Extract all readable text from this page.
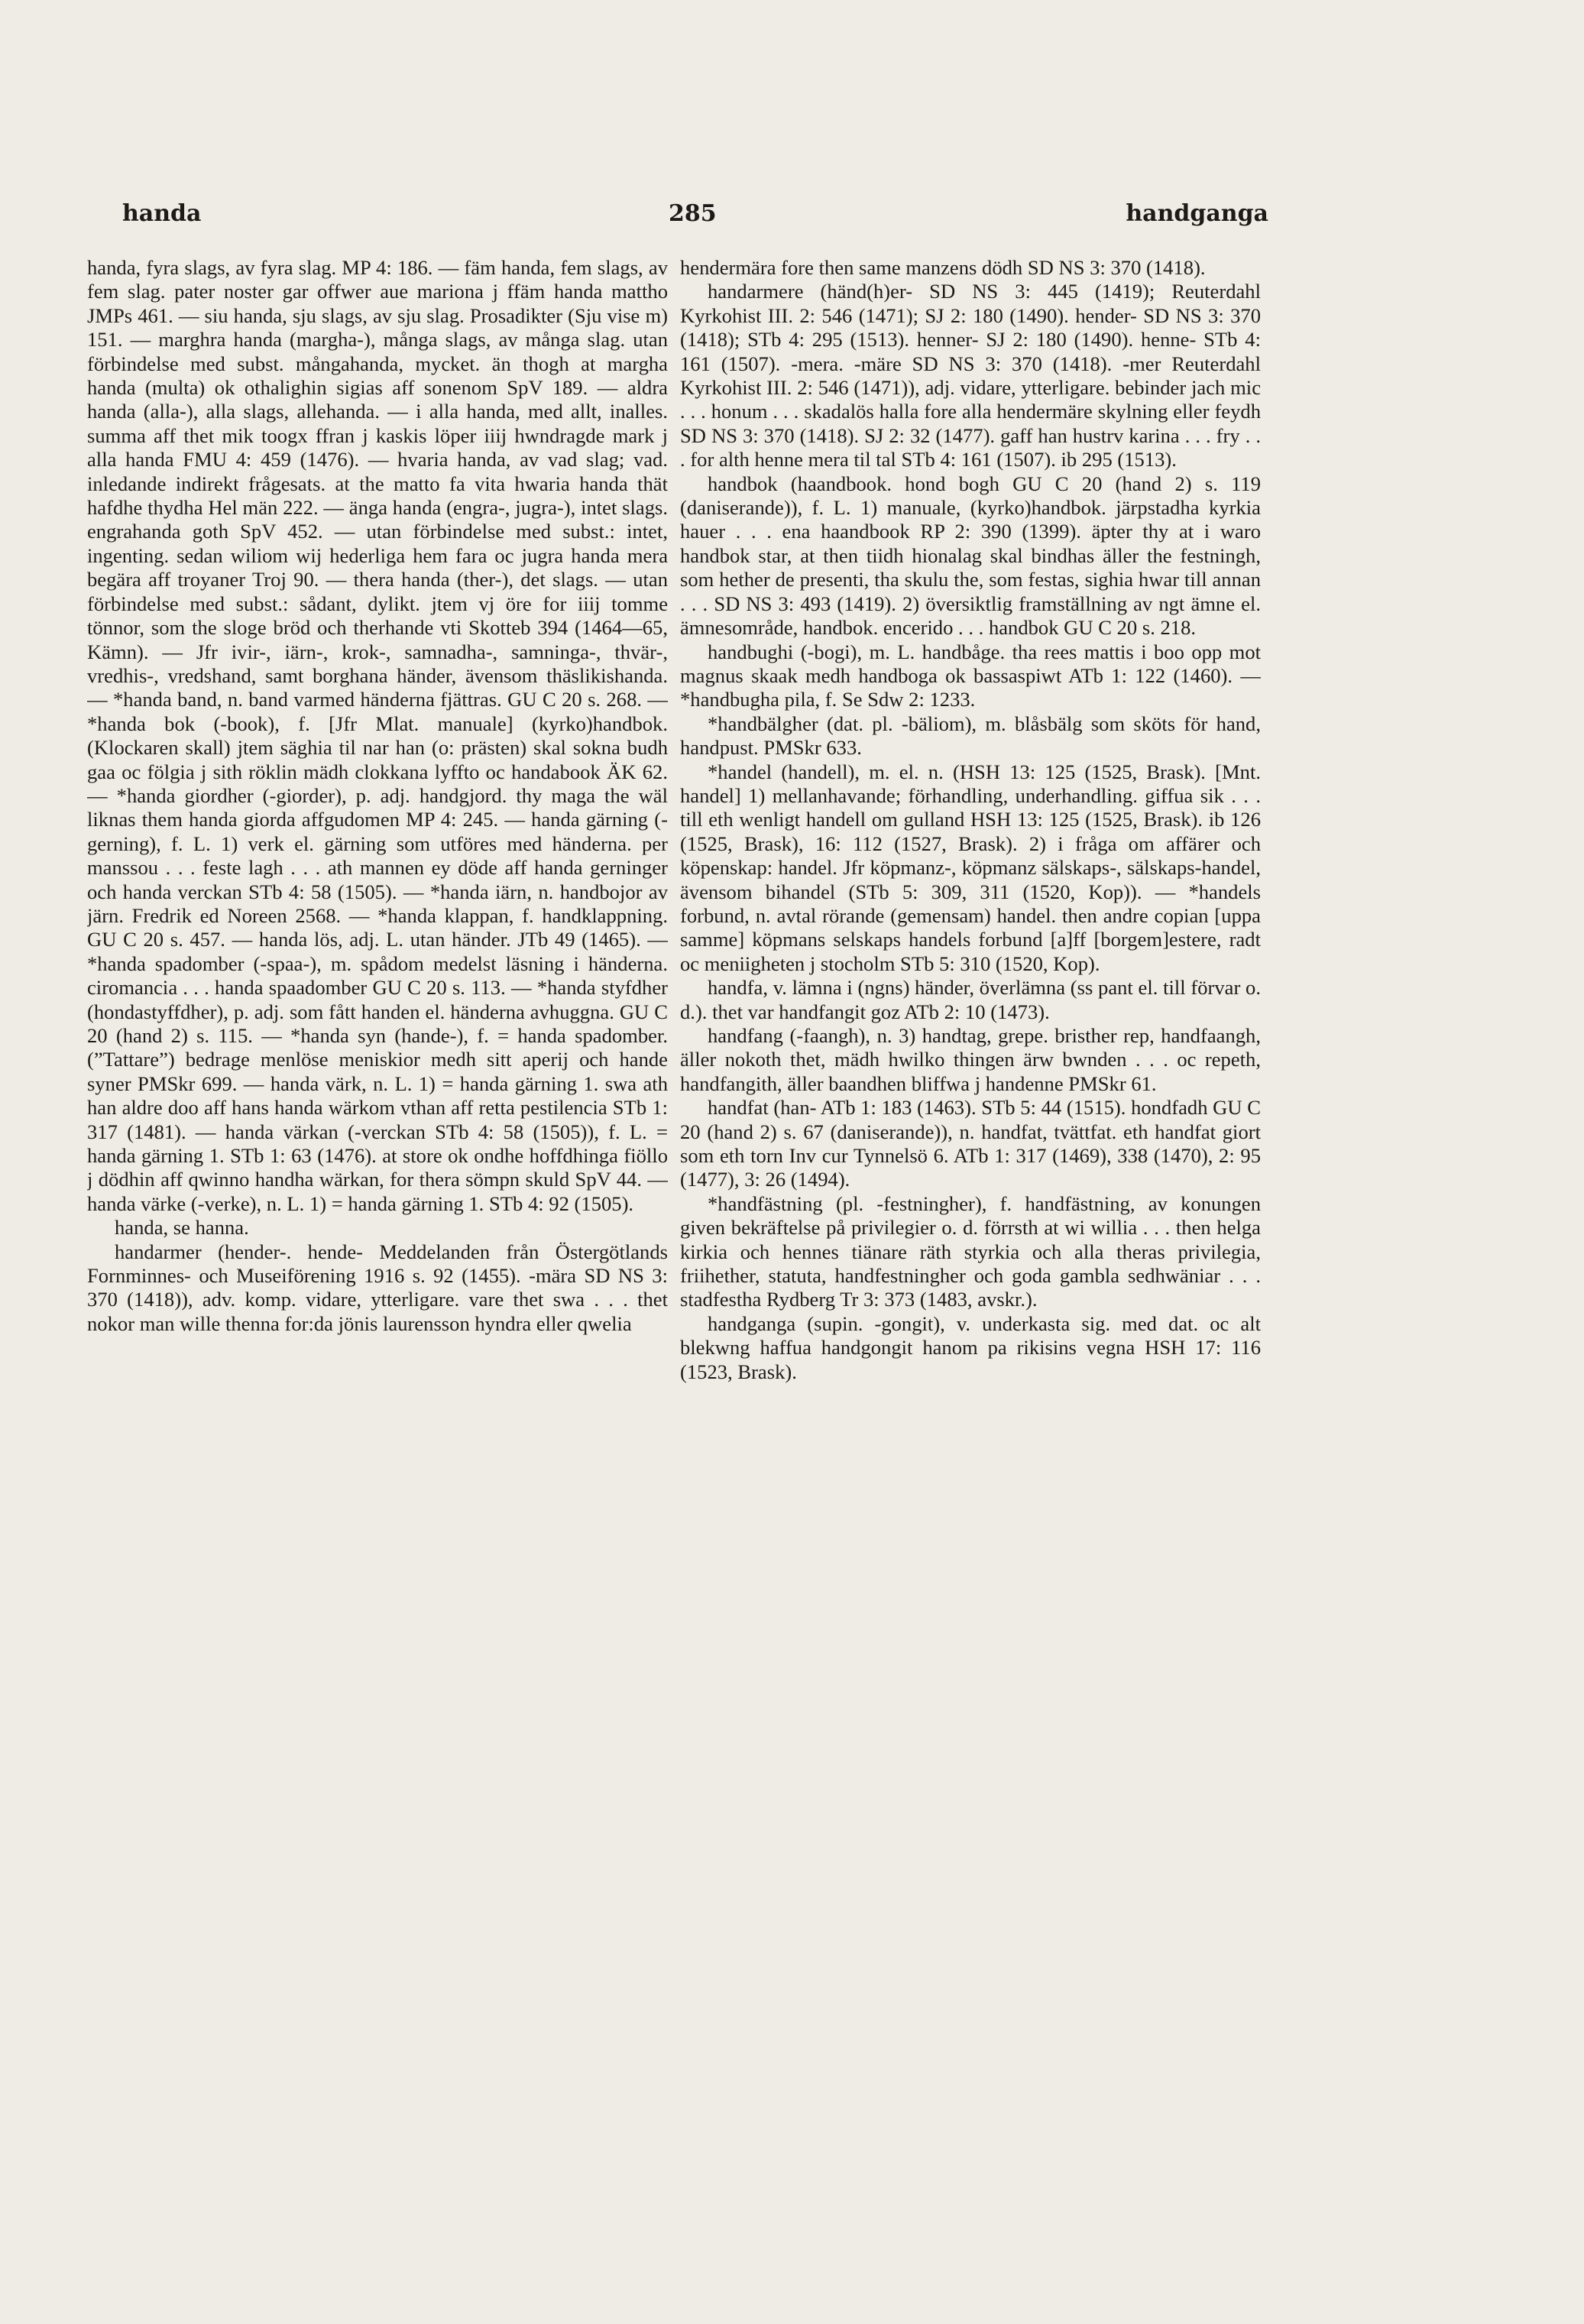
handa	285	handganga

handa, fyra slags, av fyra slag. MP 4: 186. — fäm handa, fem slags, av fem slag. pater noster gar offwer aue mariona j ffäm handa mattho JMPs 461. — siu handa, sju slags, av sju slag. Prosadikter (Sju vise m) 151. — marghra handa (margha-), många slags, av många slag. utan förbindelse med subst. mångahanda, mycket. än thogh at margha handa (multa) ok othalighin sigias aff sonenom SpV 189. — aldra handa (alla-), alla slags, allehanda. — i alla handa, med allt, inalles. summa aff thet mik toogx ffran j kaskis löper iiij hwndragde mark j alla handa FMU 4: 459 (1476). — hvaria handa, av vad slag; vad. inledande indirekt frågesats. at the matto fa vita hwaria handa thät hafdhe thydha Hel män 222. — änga handa (engra-, jugra-), intet slags. engrahanda goth SpV 452. — utan förbindelse med subst.: intet, ingenting. sedan wiliom wij hederliga hem fara oc jugra handa mera begära aff troyaner Troj 90. — thera handa (ther-), det slags. — utan förbindelse med subst.: sådant, dylikt. jtem vj öre for iiij tomme tönnor, som the sloge bröd och therhande vti Skotteb 394 (1464—65, Kämn). — Jfr ivir-, iärn-, krok-, samnadha-, samninga-, thvär-, vredhis-, vredshand, samt borghana händer, ävensom thäslikishanda. — *handa band, n. band varmed händerna fjättras. GU C 20 s. 268. — *handa bok (-book), f. [Jfr Mlat. manuale] (kyrko)handbok. (Klockaren skall) jtem säghia til nar han (o: prästen) skal sokna budh gaa oc fölgia j sith röklin mädh clokkana lyffto oc handabook ÄK 62. — *handa giordher (-giorder), p. adj. handgjord. thy maga the wäl liknas them handa giorda affgudomen MP 4: 245. — handa gärning (-gerning), f. L. 1) verk el. gärning som utföres med händerna. per manssou . . . feste lagh . . . ath mannen ey döde aff handa gerninger och handa verckan STb 4: 58 (1505). — *handa iärn, n. handbojor av järn. Fredrik ed Noreen 2568. — *handa klappan, f. handklappning. GU C 20 s. 457. — handa lös, adj. L. utan händer. JTb 49 (1465). — *handa spadomber (-spaa-), m. spådom medelst läsning i händerna. ciromancia . . . handa spaadomber GU C 20 s. 113. — *handa styfdher (hondastyffdher), p. adj. som fått handen el. händerna avhuggna. GU C 20 (hand 2) s. 115. — *handa syn (hande-), f. = handa spadomber. (”Tattare”) bedrage menlöse meniskior medh sitt aperij och hande syner PMSkr 699. — handa värk, n. L. 1) = handa gärning 1. swa ath han aldre doo aff hans handa wärkom vthan aff retta pestilencia STb 1: 317 (1481). — handa värkan (-verckan STb 4: 58 (1505)), f. L. = handa gärning 1. STb 1: 63 (1476). at store ok ondhe hoffdhinga fiöllo j dödhin aff qwinno handha wärkan, for thera sömpn skuld SpV 44. — handa värke (-verke), n. L. 1) = handa gärning 1. STb 4: 92 (1505).

handa, se hanna.

handarmer (hender-. hende- Meddelanden från Östergötlands Fornminnes- och Museiförening 1916 s. 92 (1455). -mära SD NS 3: 370 (1418)), adv. komp. vidare, ytterligare. vare thet swa . . . thet nokor man wille thenna for:da jönis laurensson hyndra eller qwelia

hendermära fore then same manzens dödh SD NS 3: 370 (1418).

handarmere (händ(h)er- SD NS 3: 445 (1419); Reuterdahl Kyrkohist III. 2: 546 (1471); SJ 2: 180 (1490). hender- SD NS 3: 370 (1418); STb 4: 295 (1513). henner- SJ 2: 180 (1490). henne- STb 4: 161 (1507). -mera. -märe SD NS 3: 370 (1418). -mer Reuterdahl Kyrkohist III. 2: 546 (1471)), adj. vidare, ytterligare. bebinder jach mic . . . honum . . . skadalös halla fore alla hendermäre skylning eller feydh SD NS 3: 370 (1418). SJ 2: 32 (1477). gaff han hustrv karina . . . fry . . . for alth henne mera til tal STb 4: 161 (1507). ib 295 (1513).

handbok (haandbook. hond bogh GU C 20 (hand 2) s. 119 (daniserande)), f. L. 1) manuale, (kyrko)handbok. järpstadha kyrkia hauer . . . ena haandbook RP 2: 390 (1399). äpter thy at i waro handbok star, at then tiidh hionalag skal bindhas äller the festningh, som hether de presenti, tha skulu the, som festas, sighia hwar till annan . . . SD NS 3: 493 (1419). 2) översiktlig framställning av ngt ämne el. ämnesområde, handbok. encerido . . . handbok GU C 20 s. 218.

handbughi (-bogi), m. L. handbåge. tha rees mattis i boo opp mot magnus skaak medh handboga ok bassaspiwt ATb 1: 122 (1460). — *handbugha pila, f. Se Sdw 2: 1233.

*handbälgher (dat. pl. -bäliom), m. blåsbälg som sköts för hand, handpust. PMSkr 633.

*handel (handell), m. el. n. (HSH 13: 125 (1525, Brask). [Mnt. handel] 1) mellanhavande; förhandling, underhandling. giffua sik . . . till eth wenligt handell om gulland HSH 13: 125 (1525, Brask). ib 126 (1525, Brask), 16: 112 (1527, Brask). 2) i fråga om affärer och köpenskap: handel. Jfr köpmanz-, köpmanz sälskaps-, sälskaps-handel, ävensom bihandel (STb 5: 309, 311 (1520, Kop)). — *handels forbund, n. avtal rörande (gemensam) handel. then andre copian [uppa samme] köpmans selskaps handels forbund [a]ff [borgem]estere, radt oc meniigheten j stocholm STb 5: 310 (1520, Kop).

handfa, v. lämna i (ngns) händer, överlämna (ss pant el. till förvar o. d.). thet var handfangit goz ATb 2: 10 (1473).

handfang (-faangh), n. 3) handtag, grepe. bristher rep, handfaangh, äller nokoth thet, mädh hwilko thingen ärw bwnden . . . oc repeth, handfangith, äller baandhen bliffwa j handenne PMSkr 61.

handfat (han- ATb 1: 183 (1463). STb 5: 44 (1515). hondfadh GU C 20 (hand 2) s. 67 (daniserande)), n. handfat, tvättfat. eth handfat giort som eth torn Inv cur Tynnelsö 6. ATb 1: 317 (1469), 338 (1470), 2: 95 (1477), 3: 26 (1494).

*handfästning (pl. -festningher), f. handfästning, av konungen given bekräftelse på privilegier o. d. förrsth at wi willia . . . then helga kirkia och hennes tiänare räth styrkia och alla theras privilegia, friihether, statuta, handfestningher och goda gambla sedhwäniar . . . stadfestha Rydberg Tr 3: 373 (1483, avskr.).

handganga (supin. -gongit), v. underkasta sig. med dat. oc alt blekwng haffua handgongit hanom pa rikisins vegna HSH 17: 116 (1523, Brask).
